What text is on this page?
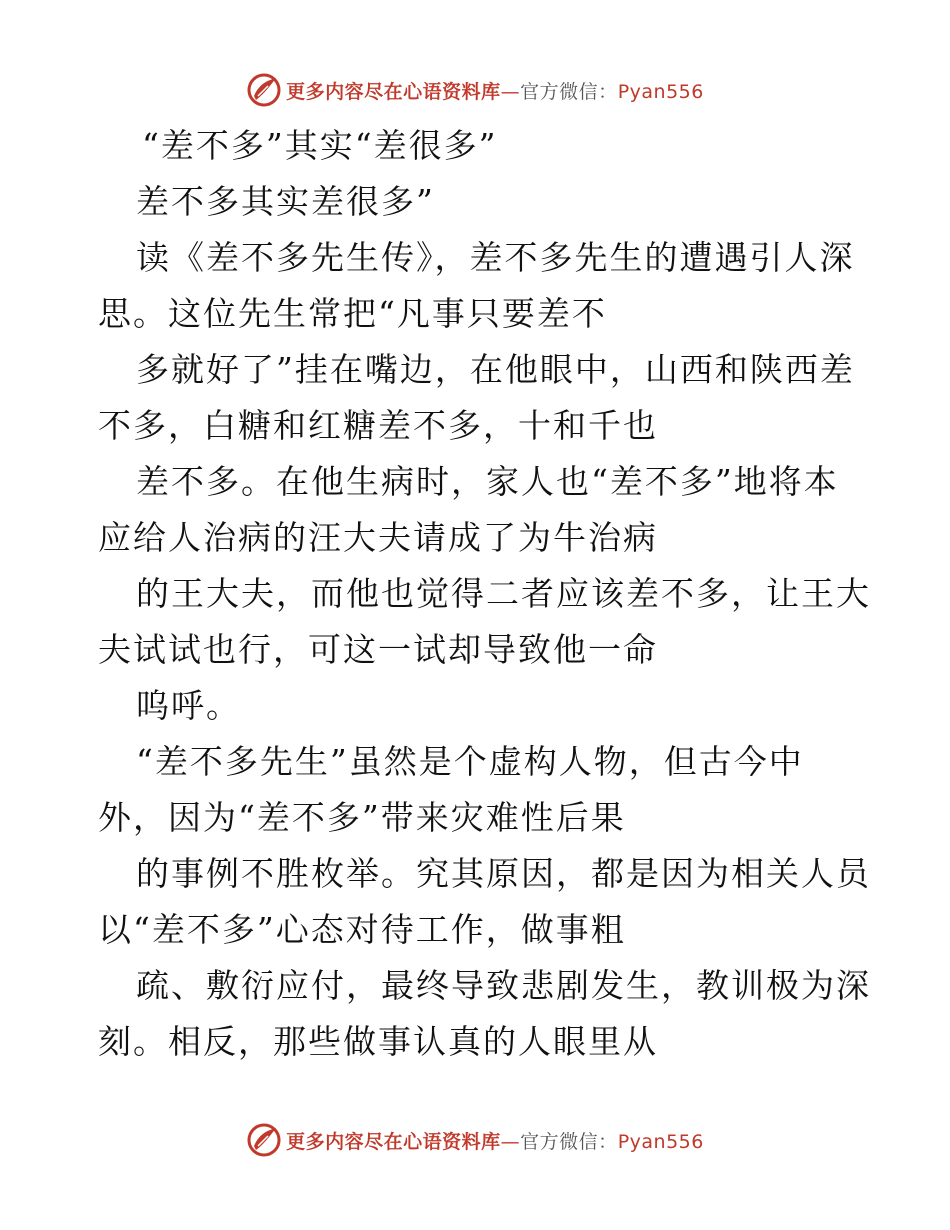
更多内容尽在心语资料库—官方微信：Pyan556
“差不多”其实“差很多”
差不多其实差很多”
读《差不多先生传》，差不多先生的遭遇引人深
思。这位先生常把“凡事只要差不
多就好了”挂在嘴边，在他眼中，山西和陕西差
不多，白糖和红糖差不多，十和千也
差不多。在他生病时，家人也“差不多”地将本
应给人治病的汪大夫请成了为牛治病
的王大夫，而他也觉得二者应该差不多，让王大
夫试试也行，可这一试却导致他一命
呜呼。
“差不多先生”虽然是个虚构人物，但古今中
外，因为“差不多”带来灾难性后果
的事例不胜枚举。究其原因，都是因为相关人员
以“差不多”心态对待工作，做事粗
疏、敷衍应付，最终导致悲剧发生，教训极为深
刻。相反，那些做事认真的人眼里从
更多内容尽在心语资料库—官方微信：Pyan556
